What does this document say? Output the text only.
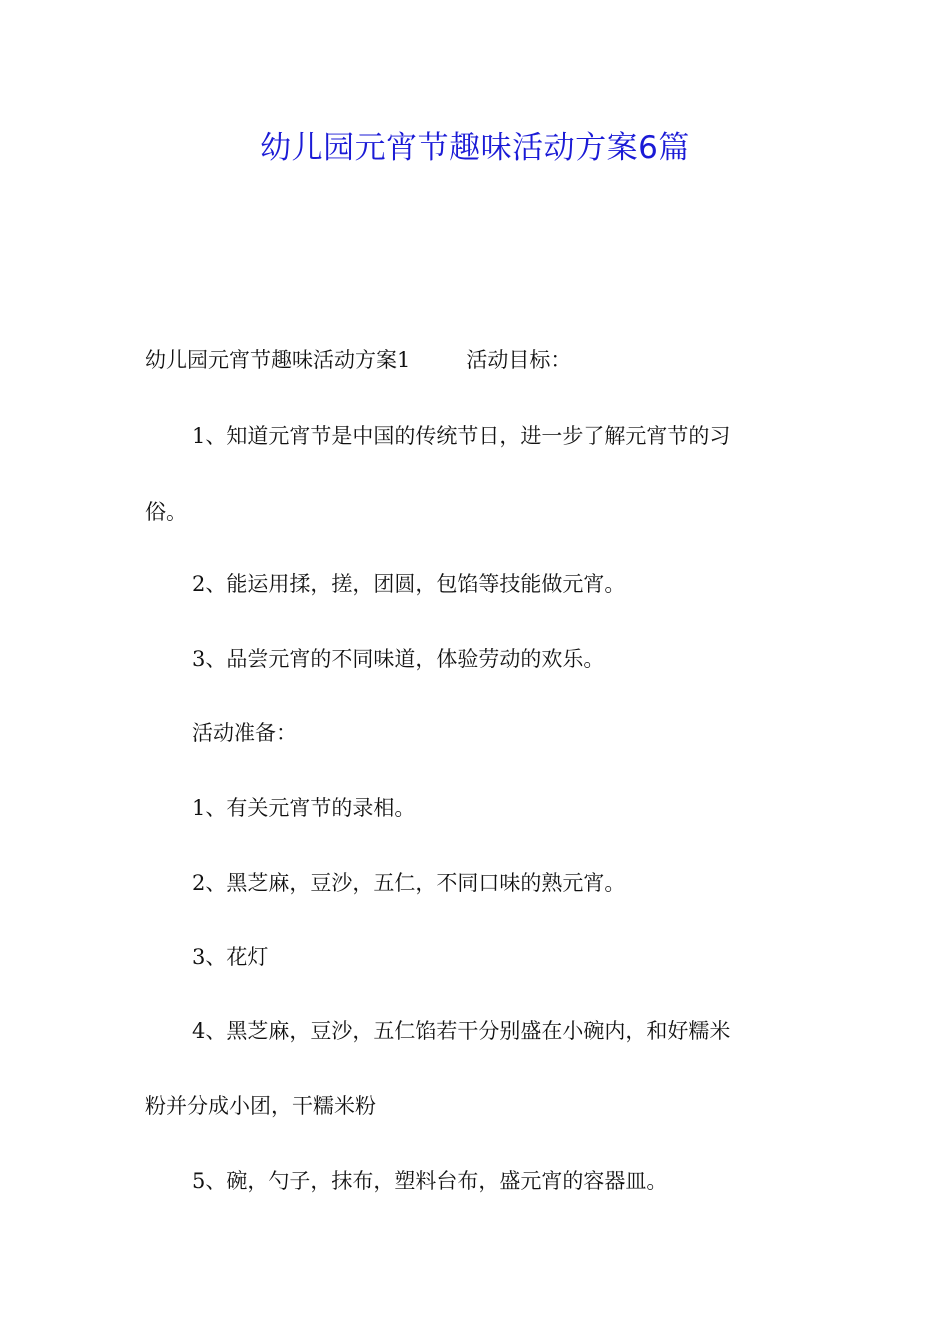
幼儿园元宵节趣味活动方案6篇

幼儿园元宵节趣味活动方案1	活动目标：

1、知道元宵节是中国的传统节日，进一步了解元宵节的习

俗。

2、能运用揉，搓，团圆，包馅等技能做元宵。

3、品尝元宵的不同味道，体验劳动的欢乐。

活动准备：

1、有关元宵节的录相。

2、黑芝麻，豆沙，五仁，不同口味的熟元宵。

3、花灯

4、黑芝麻，豆沙，五仁馅若干分别盛在小碗内，和好糯米

粉并分成小团，干糯米粉

5、碗，勺子，抹布，塑料台布，盛元宵的容器皿。
